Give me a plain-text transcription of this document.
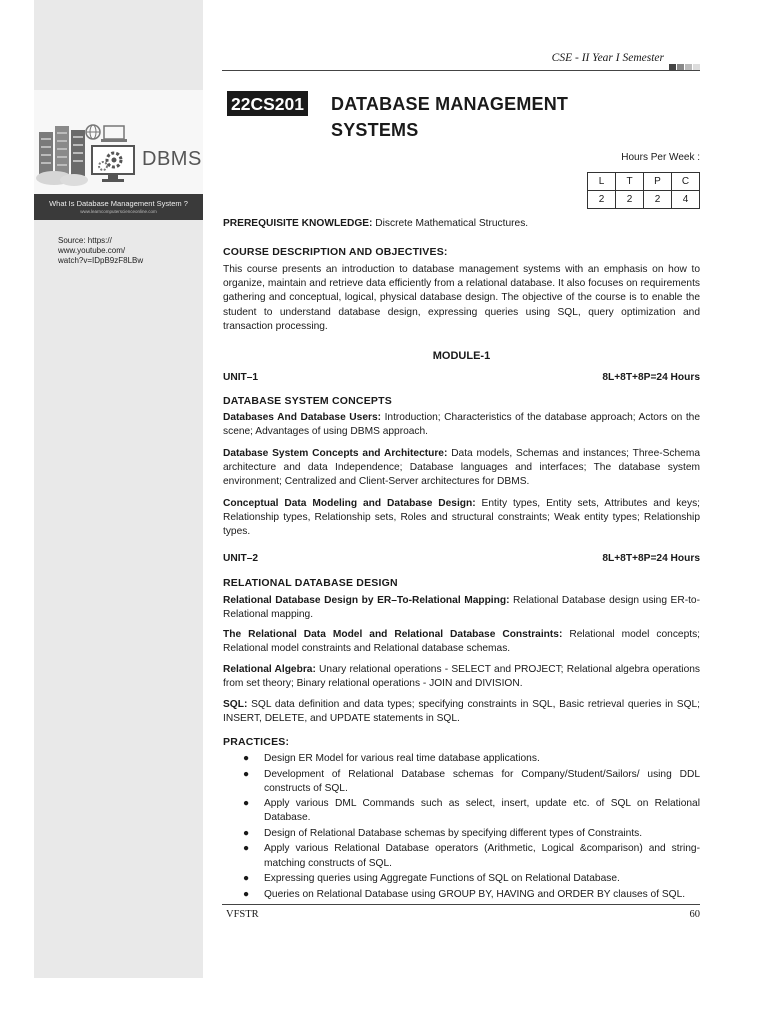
DBMS
What Is Database Management System ?
www.learncomputerscienceonline.com
Source: https://
www.youtube.com/
watch?v=IDpB9zF8LBw
CSE - II Year I Semester
22CS201 DATABASE MANAGEMENT
SYSTEMS
Hours Per Week :
L	T	P	C
2	2	2	4
PREREQUISITE KNOWLEDGE: Discrete Mathematical Structures.
COURSE DESCRIPTION AND OBJECTIVES:
This course presents an introduction to database management systems with an emphasis on how to organize, maintain and retrieve data efficiently from a relational database. It also focuses on requirements gathering and conceptual, logical, physical database design. The objective of the course is to enable the student to understand database design, expressing queries using SQL, query optimization and transaction processing.
MODULE-1
UNIT–1	8L+8T+8P=24 Hours
DATABASE SYSTEM CONCEPTS
Databases And Database Users: Introduction; Characteristics of the database approach; Actors on the scene; Advantages of using DBMS approach.
Database System Concepts and Architecture: Data models, Schemas and instances; Three-Schema architecture and data Independence; Database languages and interfaces; The database system environment; Centralized and Client-Server architectures for DBMS.
Conceptual Data Modeling and Database Design: Entity types, Entity sets, Attributes and keys; Relationship types, Relationship sets, Roles and structural constraints; Weak entity types; Relationship types.
UNIT–2	8L+8T+8P=24 Hours
RELATIONAL DATABASE DESIGN
Relational Database Design by ER–To-Relational Mapping: Relational Database design using ER-to-Relational mapping.
The Relational Data Model and Relational Database Constraints: Relational model concepts; Relational model constraints and Relational database schemas.
Relational Algebra: Unary relational operations - SELECT and PROJECT; Relational algebra operations from set theory; Binary relational operations - JOIN and DIVISION.
SQL: SQL data definition and data types; specifying constraints in SQL, Basic retrieval queries in SQL; INSERT, DELETE, and UPDATE statements in SQL.
PRACTICES:
● Design ER Model for various real time database applications.
● Development of Relational Database schemas for Company/Student/Sailors/ using DDL constructs of SQL.
● Apply various DML Commands such as select, insert, update etc. of SQL on Relational Database.
● Design of Relational Database schemas by specifying different types of Constraints.
● Apply various Relational Database operators (Arithmetic, Logical &comparison) and string-matching constructs of SQL.
● Expressing queries using Aggregate Functions of SQL on Relational Database.
● Queries on Relational Database using GROUP BY, HAVING and ORDER BY clauses of SQL.
VFSTR	60
